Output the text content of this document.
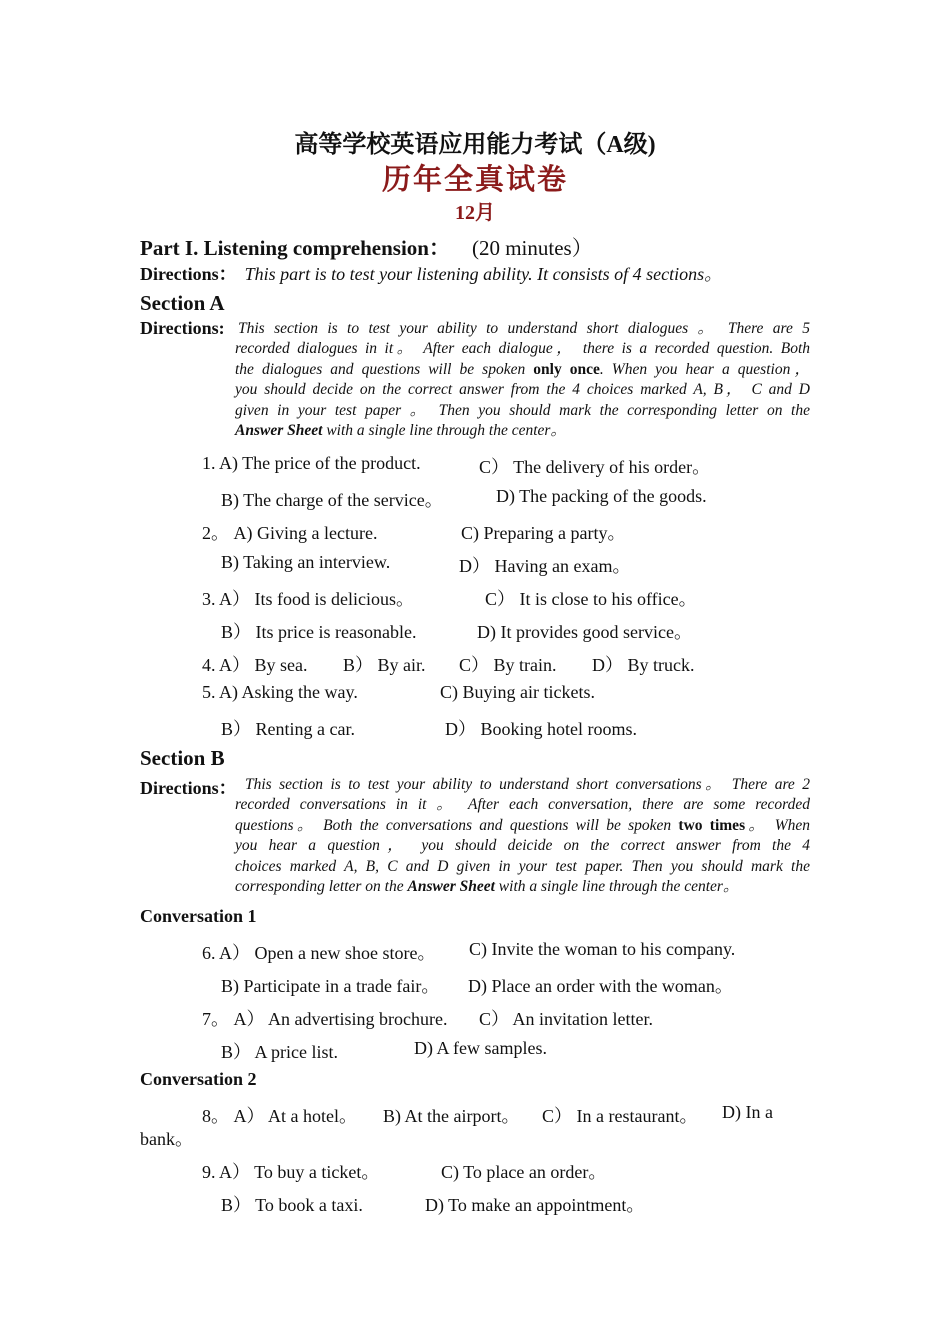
高等学校英语应用能力考试（A级)
历年全真试卷
12月
Part I. Listening comprehension： (20 minutes）
Directions： This part is to test your listening ability. It consists of 4 sections。
Section A
Directions: This section is to test your ability to understand short dialogues 。 There are 5
recorded dialogues in it。 After each dialogue， there is a recorded question. Both
the dialogues and questions will be spoken only once. When you hear a question，
you should decide on the correct answer from the 4 choices marked A, B， C and D
given in your test paper 。 Then you should mark the corresponding letter on the
Answer Sheet with a single line through the center。
1. A) The price of the product.	C） The delivery of his order。
B) The charge of the service。	D) The packing of the goods.
2。 A) Giving a lecture.	C) Preparing a party。
B) Taking an interview.	D） Having an exam。
3. A） Its food is delicious。	C） It is close to his office。
B） Its price is reasonable.	D) It provides good service。
4. A） By sea. B） By air. C） By train. D） By truck.
5. A) Asking the way.	C) Buying air tickets.
B） Renting a car.	D） Booking hotel rooms.
Section B
Directions： This section is to test your ability to understand short conversations。 There are 2
recorded conversations in it 。 After each conversation, there are some recorded
questions。 Both the conversations and questions will be spoken two times。 When
you hear a question， you should deicide on the correct answer from the 4
choices marked A, B, C and D given in your test paper. Then you should mark the
corresponding letter on the Answer Sheet with a single line through the center。
Conversation 1
6. A） Open a new shoe store。 C) Invite the woman to his company.
B) Participate in a trade fair。 D) Place an order with the woman。
7。 A） An advertising brochure. C） An invitation letter.
B） A price list.	D) A few samples.
Conversation 2
8。 A） At a hotel。 B) At the airport。 C） In a restaurant。 D) In a
bank。
9. A） To buy a ticket。	C) To place an order。
B） To book a taxi.	D) To make an appointment。
